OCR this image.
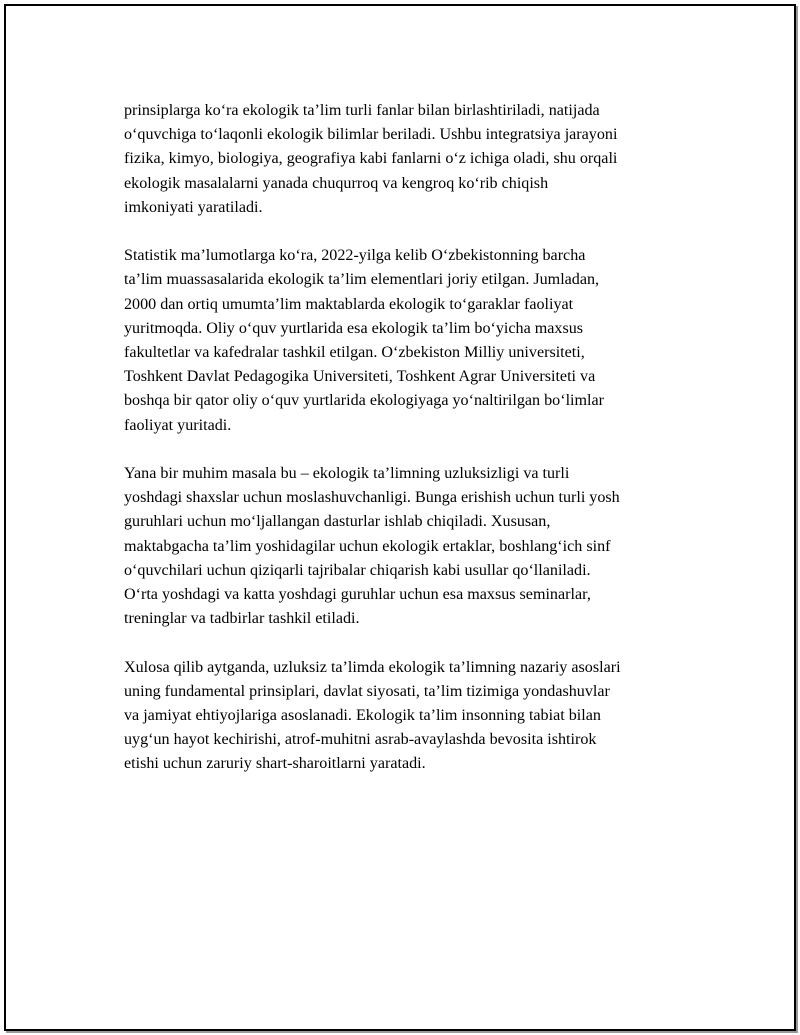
prinsiplarga koʻra ekologik taʼlim turli fanlar bilan birlashtiriladi, natijada
oʻquvchiga toʻlaqonli ekologik bilimlar beriladi. Ushbu integratsiya jarayoni
fizika, kimyo, biologiya, geografiya kabi fanlarni oʻz ichiga oladi, shu orqali
ekologik masalalarni yanada chuqurroq va kengroq koʻrib chiqish
imkoniyati yaratiladi.

Statistik maʼlumotlarga koʻra, 2022-yilga kelib Oʻzbekistonning barcha
taʼlim muassasalarida ekologik taʼlim elementlari joriy etilgan. Jumladan,
2000 dan ortiq umumtaʼlim maktablarda ekologik toʻgaraklar faoliyat
yuritmoqda. Oliy oʻquv yurtlarida esa ekologik taʼlim boʻyicha maxsus
fakultetlar va kafedralar tashkil etilgan. Oʻzbekiston Milliy universiteti,
Toshkent Davlat Pedagogika Universiteti, Toshkent Agrar Universiteti va
boshqa bir qator oliy oʻquv yurtlarida ekologiyaga yoʻnaltirilgan boʻlimlar
faoliyat yuritadi.

Yana bir muhim masala bu – ekologik taʼlimning uzluksizligi va turli
yoshdagi shaxslar uchun moslashuvchanligi. Bunga erishish uchun turli yosh
guruhlari uchun moʻljallangan dasturlar ishlab chiqiladi. Xususan,
maktabgacha taʼlim yoshidagilar uchun ekologik ertaklar, boshlangʻich sinf
oʻquvchilari uchun qiziqarli tajribalar chiqarish kabi usullar qoʻllaniladi.
Oʻrta yoshdagi va katta yoshdagi guruhlar uchun esa maxsus seminarlar,
treninglar va tadbirlar tashkil etiladi.

Xulosa qilib aytganda, uzluksiz taʼlimda ekologik taʼlimning nazariy asoslari
uning fundamental prinsiplari, davlat siyosati, taʼlim tizimiga yondashuvlar
va jamiyat ehtiyojlariga asoslanadi. Ekologik taʼlim insonning tabiat bilan
uygʻun hayot kechirishi, atrof-muhitni asrab-avaylashda bevosita ishtirok
etishi uchun zaruriy shart-sharoitlarni yaratadi.
